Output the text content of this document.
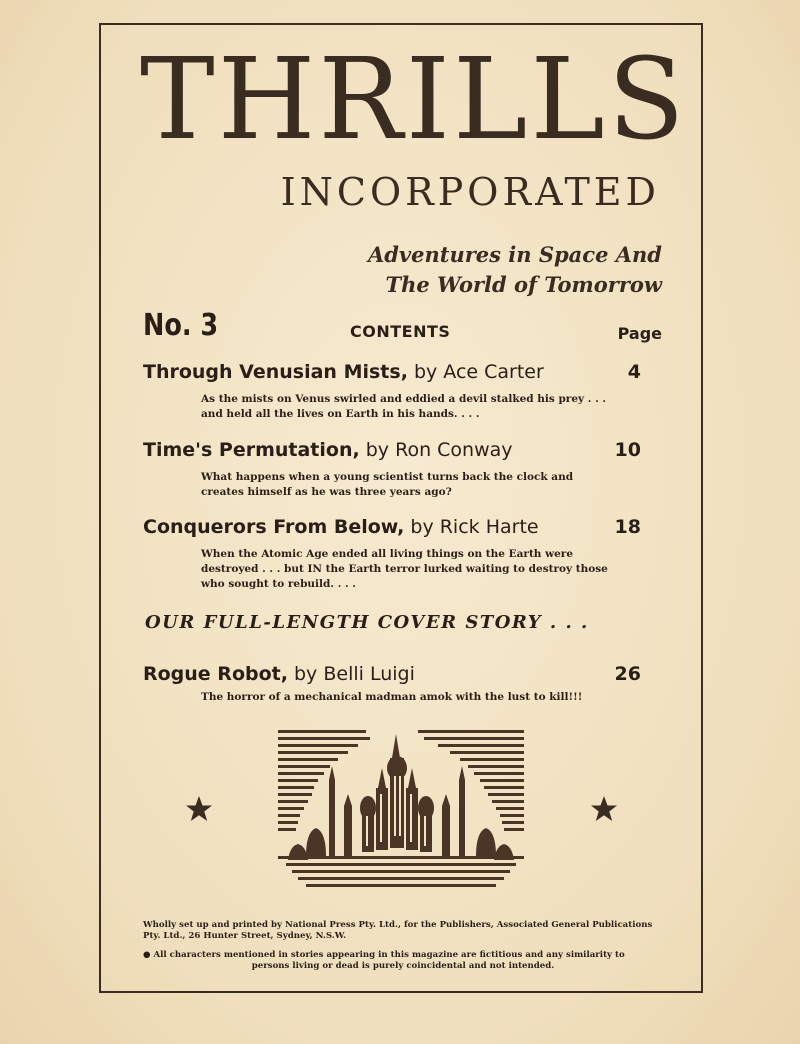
THRILLS
INCORPORATED
Adventures in Space And
The World of Tomorrow
No. 3	CONTENTS	Page
Through Venusian Mists, by Ace Carter	4
As the mists on Venus swirled and eddied a devil stalked his prey . . . and held all the lives on Earth in his hands. . . .
Time's Permutation, by Ron Conway	10
What happens when a young scientist turns back the clock and creates himself as he was three years ago?
Conquerors From Below, by Rick Harte	18
When the Atomic Age ended all living things on the Earth were destroyed . . . but IN the Earth terror lurked waiting to destroy those who sought to rebuild. . . .
OUR FULL-LENGTH COVER STORY . . .
Rogue Robot, by Belli Luigi	26
The horror of a mechanical madman amok with the lust to kill!!!
Wholly set up and printed by National Press Pty. Ltd., for the Publishers, Associated General Publications Pty. Ltd., 26 Hunter Street, Sydney, N.S.W.
● All characters mentioned in stories appearing in this magazine are fictitious and any similarity to
persons living or dead is purely coincidental and not intended.
